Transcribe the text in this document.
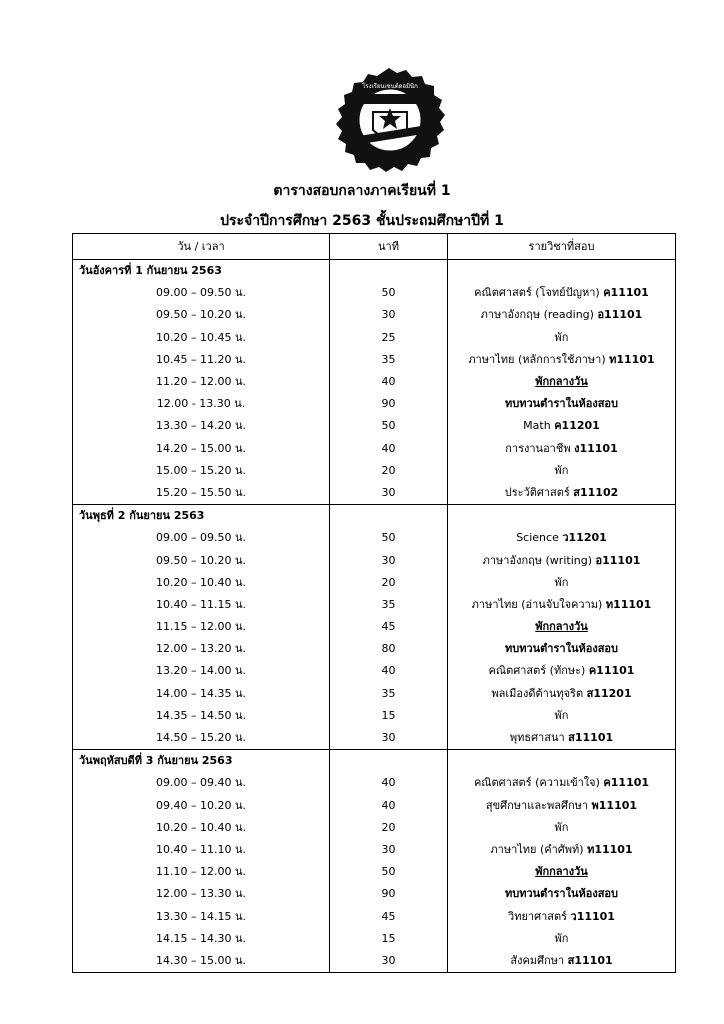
ST. DOMINIC SCHOOL
โรงเรียนเซนต์ดอมินิก
ตารางสอบกลางภาคเรียนที่ 1
ประจำปีการศึกษา 2563 ชั้นประถมศึกษาปีที่ 1
วัน / เวลา	นาที	รายวิชาที่สอบ
วันอังคารที่ 1 กันยายน 2563		
09.00 – 09.50 น.	50	คณิตศาสตร์ (โจทย์ปัญหา) ค11101
09.50 – 10.20 น.	30	ภาษาอังกฤษ (reading) อ11101
10.20 – 10.45 น.	25	พัก
10.45 – 11.20 น.	35	ภาษาไทย (หลักการใช้ภาษา) ท11101
11.20 – 12.00 น.	40	พักกลางวัน
12.00 - 13.30 น.	90	ทบทวนตำราในห้องสอบ
13.30 – 14.20 น.	50	Math ค11201
14.20 – 15.00 น.	40	การงานอาชีพ ง11101
15.00 – 15.20 น.	20	พัก
15.20 – 15.50 น.	30	ประวัติศาสตร์ ส11102
วันพุธที่ 2 กันยายน 2563		
09.00 – 09.50 น.	50	Science ว11201
09.50 – 10.20 น.	30	ภาษาอังกฤษ (writing) อ11101
10.20 – 10.40 น.	20	พัก
10.40 – 11.15 น.	35	ภาษาไทย (อ่านจับใจความ) ท11101
11.15 – 12.00 น.	45	พักกลางวัน
12.00 – 13.20 น.	80	ทบทวนตำราในห้องสอบ
13.20 – 14.00 น.	40	คณิตศาสตร์ (ทักษะ) ค11101
14.00 – 14.35 น.	35	พลเมืองดีต้านทุจริต ส11201
14.35 – 14.50 น.	15	พัก
14.50 – 15.20 น.	30	พุทธศาสนา ส11101
วันพฤหัสบดีที่ 3 กันยายน 2563		
09.00 – 09.40 น.	40	คณิตศาสตร์ (ความเข้าใจ) ค11101
09.40 – 10.20 น.	40	สุขศึกษาและพลศึกษา พ11101
10.20 – 10.40 น.	20	พัก
10.40 – 11.10 น.	30	ภาษาไทย (คำศัพท์) ท11101
11.10 – 12.00 น.	50	พักกลางวัน
12.00 – 13.30 น.	90	ทบทวนตำราในห้องสอบ
13.30 – 14.15 น.	45	วิทยาศาสตร์ ว11101
14.15 – 14.30 น.	15	พัก
14.30 – 15.00 น.	30	สังคมศึกษา ส11101
